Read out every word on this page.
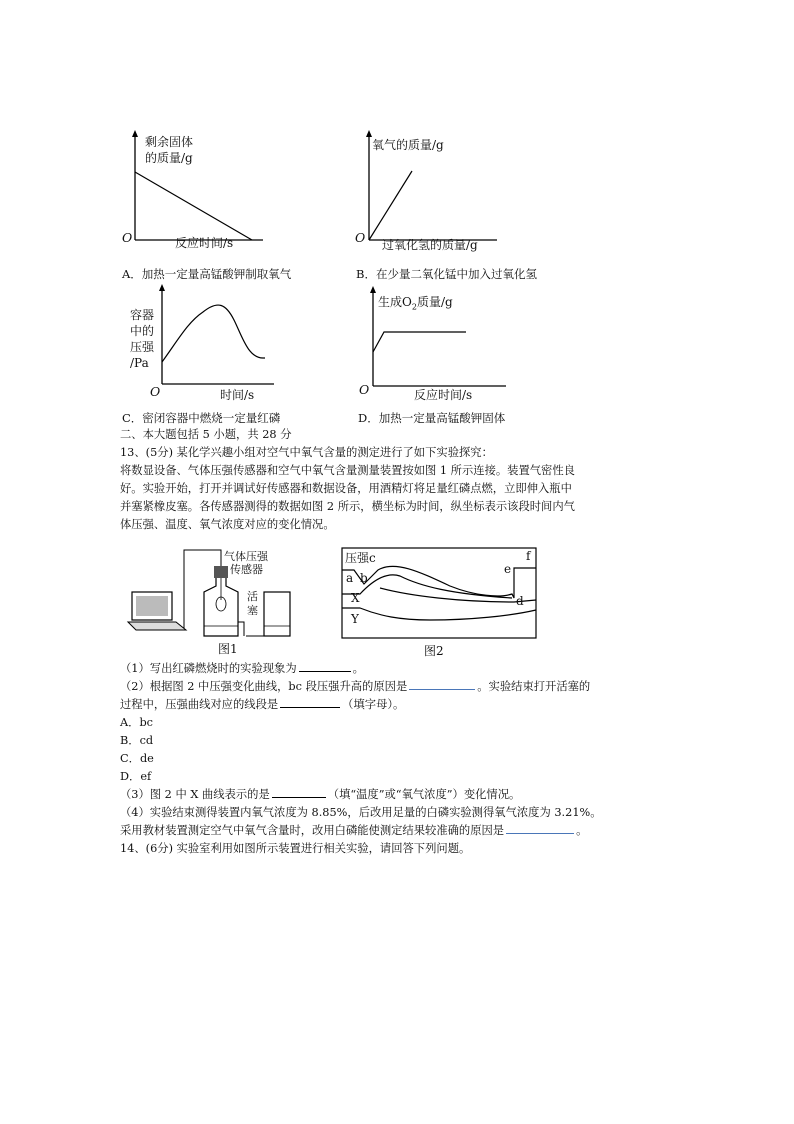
剩余固体
的质量/g
O	反应时间/s
A．加热一定量高锰酸钾制取氧气
氧气的质量/g
O 过氧化氢的质量/g
B．在少量二氧化锰中加入过氧化氢
容器
中的
压强
/Pa
O	时间/s
C．密闭容器中燃烧一定量红磷
生成$O_2$质量/g
O	反应时间/s
D．加热一定量高锰酸钾固体
二、本大题包括 5 小题，共 28 分
13、(5分) 某化学兴趣小组对空气中氧气含量的测定进行了如下实验探究：
将数显设备、气体压强传感器和空气中氧气含量测量装置按如图 1 所示连接。装置气密性良
好。实验开始，打开并调试好传感器和数据设备，用酒精灯将足量红磷点燃，立即伸入瓶中
并塞紧橡皮塞。各传感器测得的数据如图 2 所示，横坐标为时间，纵坐标表示该段时间内气
体压强、温度、氧气浓度对应的变化情况。
气体压强
传感器
活
塞
图1
压强c
a b
X
Y
d
e
f
图2
（1）写出红磷燃烧时的实验现象为	。
（2）根据图 2 中压强变化曲线，bc 段压强升高的原因是	。实验结束打开活塞的
过程中，压强曲线对应的线段是	（填字母）。
A．bc
B．cd
C．de
D．ef
（3）图 2 中 X 曲线表示的是	（填“温度”或“氧气浓度”）变化情况。
（4）实验结束测得装置内氧气浓度为 8.85%，后改用足量的白磷实验测得氧气浓度为 3.21%。
采用教材装置测定空气中氧气含量时，改用白磷能使测定结果较准确的原因是	。
14、(6分) 实验室利用如图所示装置进行相关实验，请回答下列问题。
